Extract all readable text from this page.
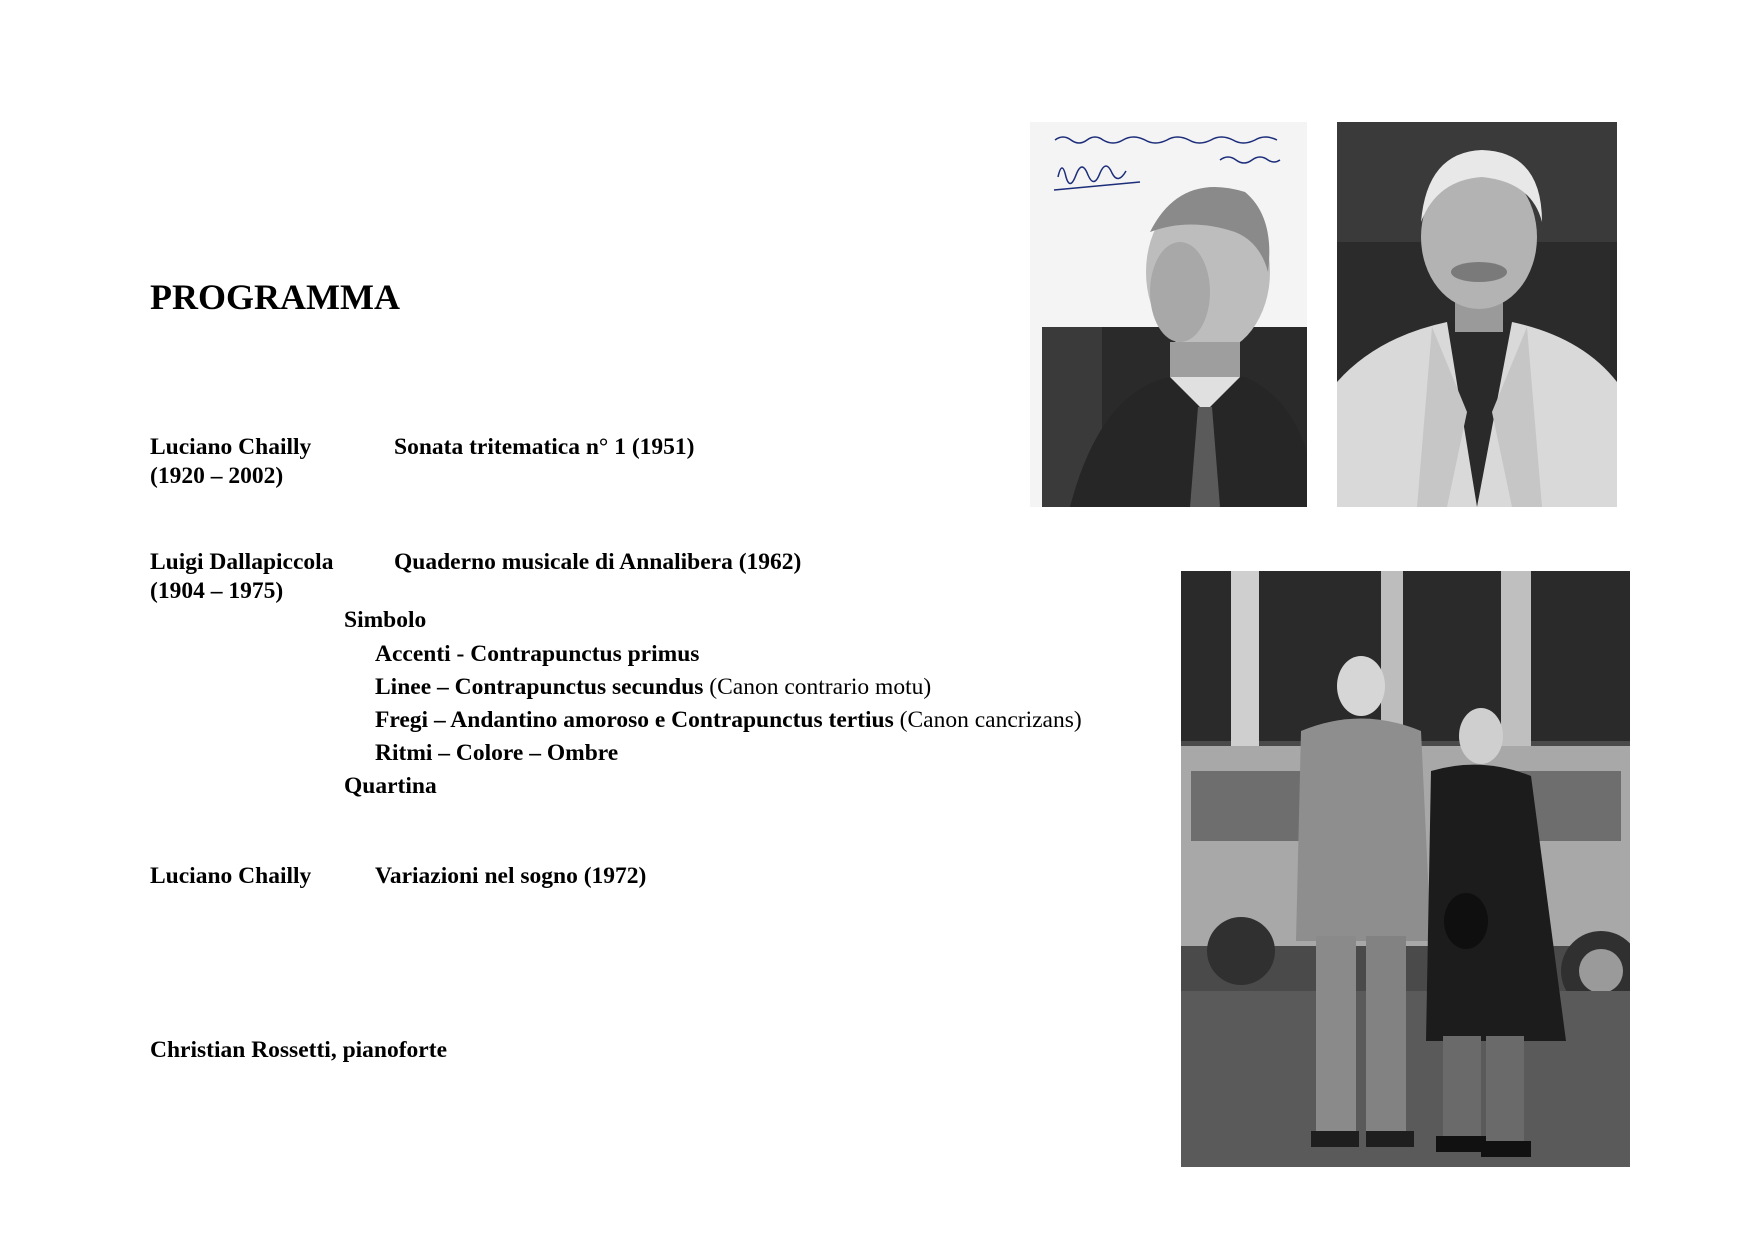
PROGRAMMA
Luciano Chailly
(1920 – 2002)
Sonata tritematica n° 1 (1951)
Luigi Dallapiccola
(1904 – 1975)
Quaderno musicale di Annalibera (1962)
Simbolo
Accenti - Contrapunctus primus
Linee – Contrapunctus secundus (Canon contrario motu)
Fregi – Andantino amoroso e Contrapunctus tertius (Canon cancrizans)
Ritmi – Colore – Ombre
Quartina
Luciano Chailly	Variazioni nel sogno (1972)
Christian Rossetti, pianoforte
